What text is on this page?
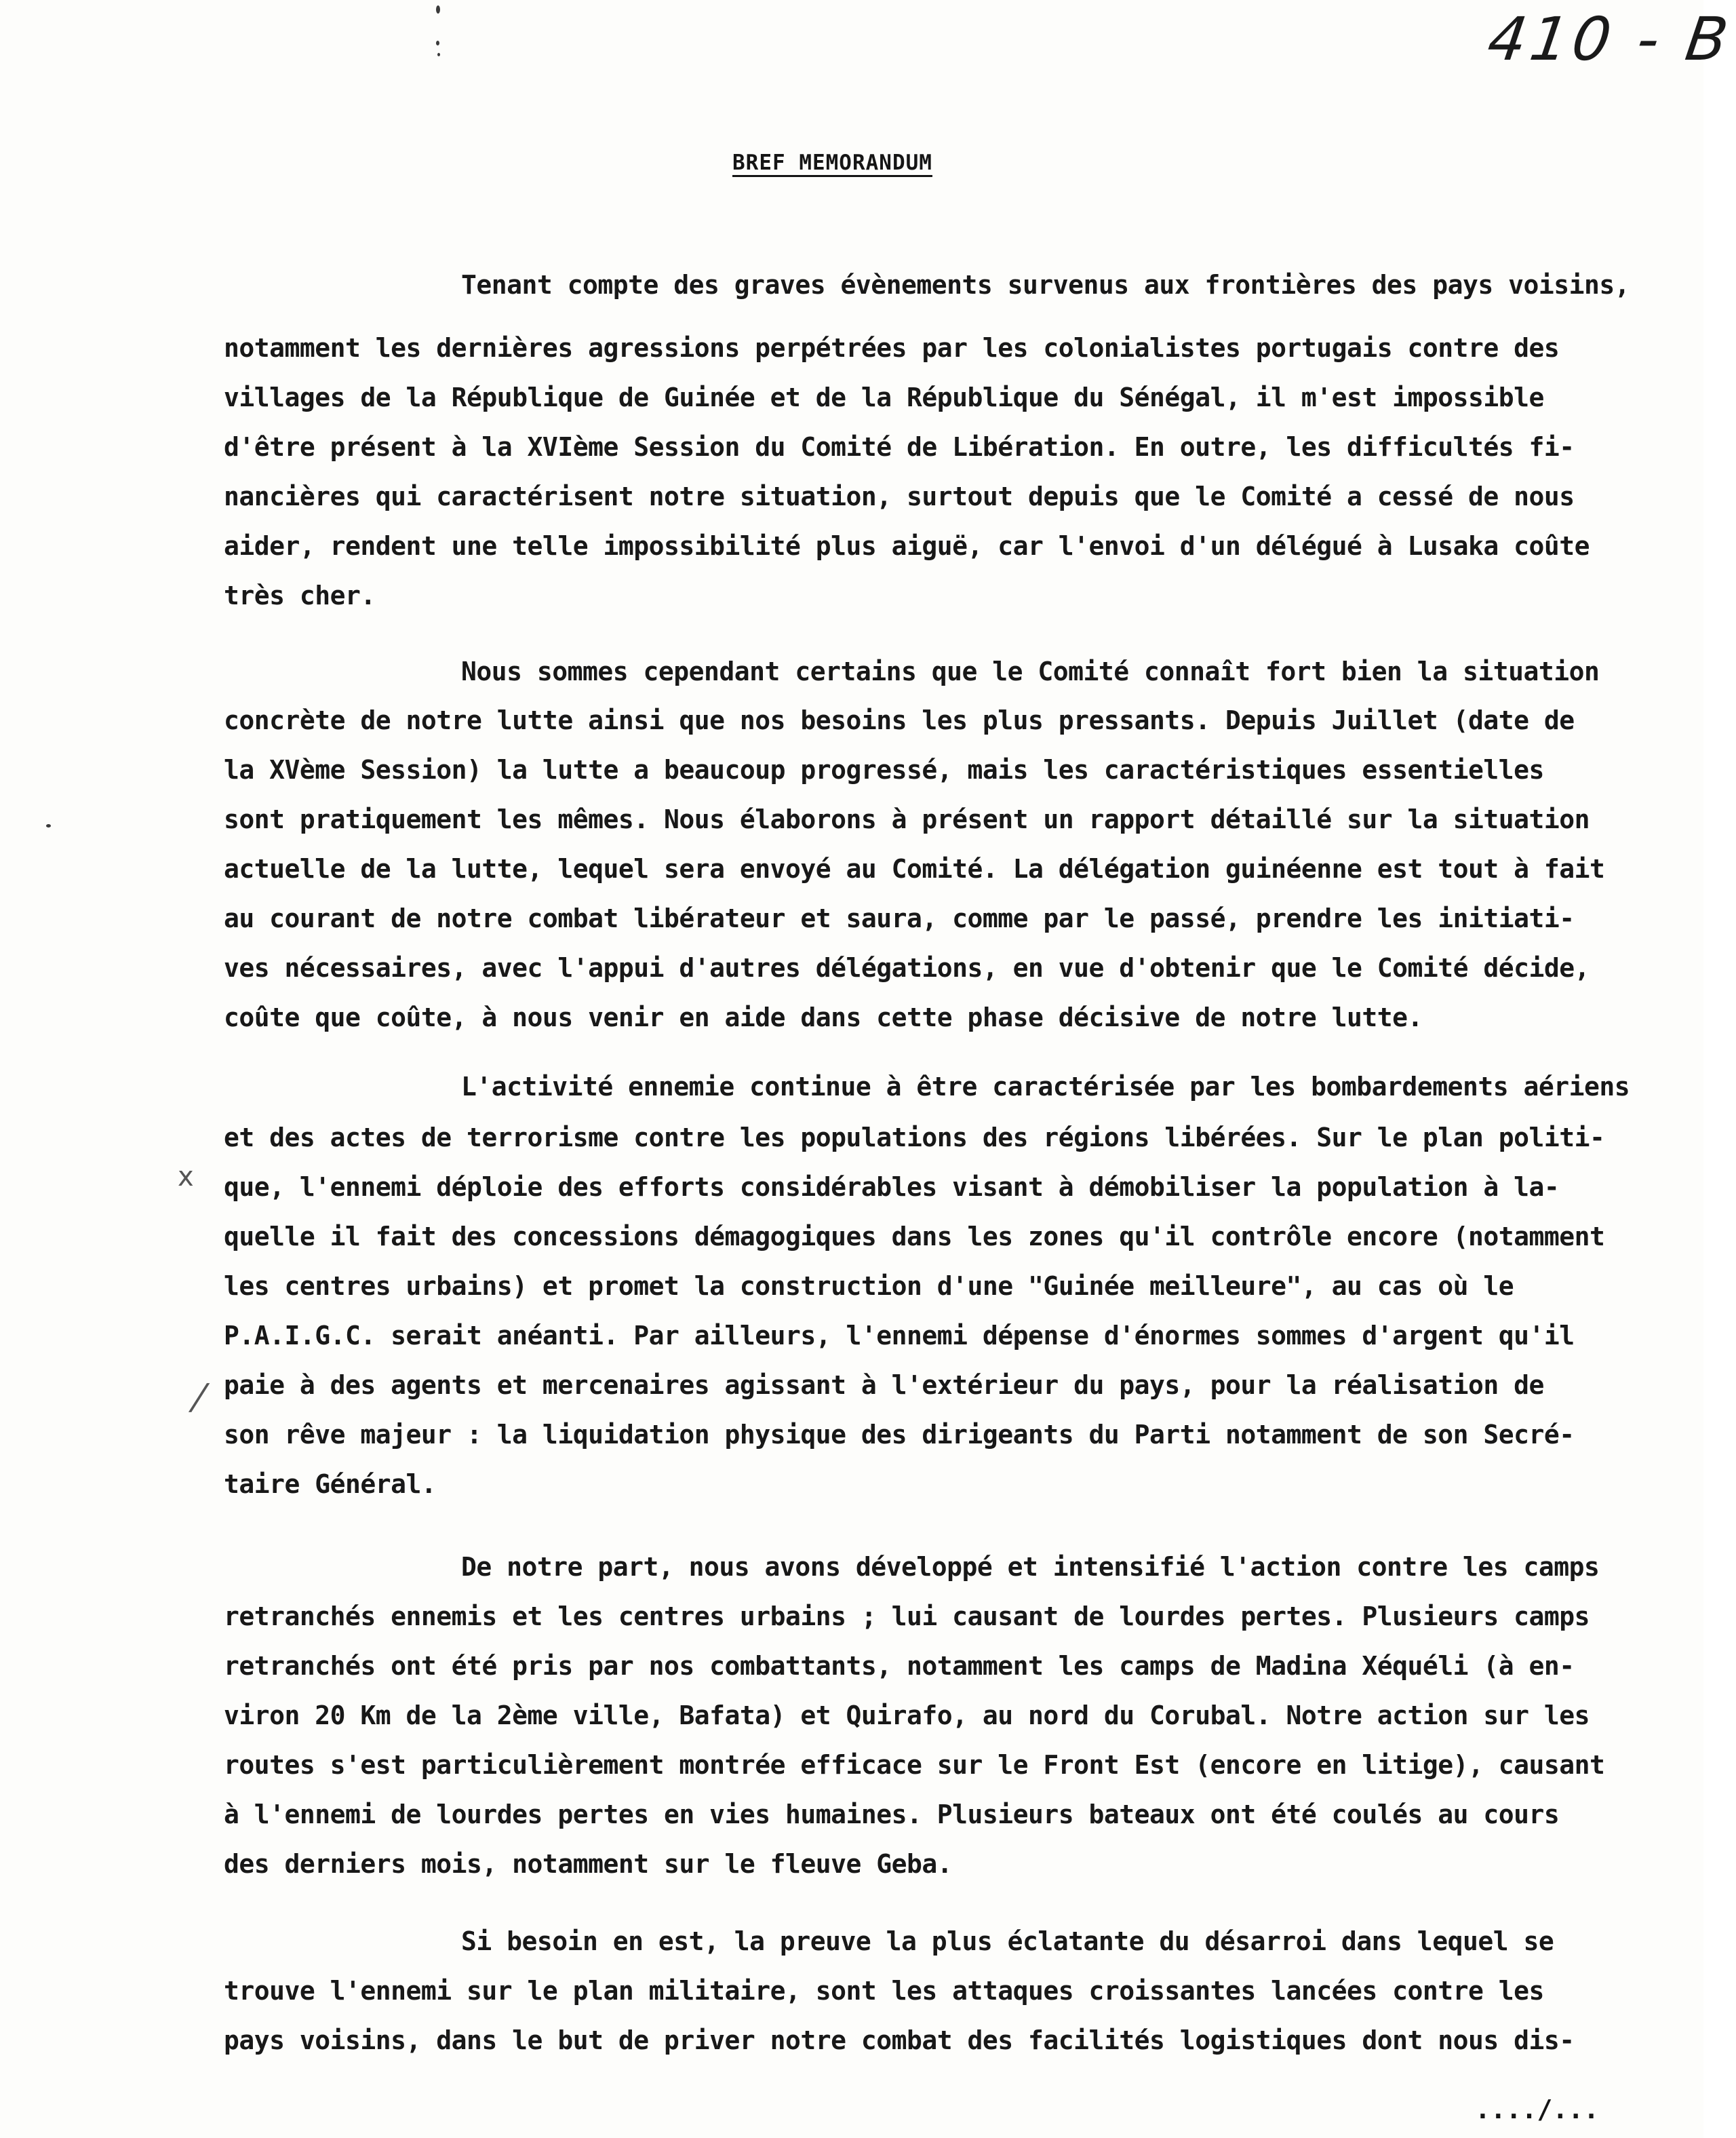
410 - B
BREF MEMORANDUM
Tenant compte des graves évènements survenus aux frontières des pays voisins,
notamment les dernières agressions perpétrées par les colonialistes portugais contre des
villages de la République de Guinée et de la République du Sénégal, il m'est impossible
d'être présent à la XVIème Session du Comité de Libération. En outre, les difficultés fi-
nancières qui caractérisent notre situation, surtout depuis que le Comité a cessé de nous
aider, rendent une telle impossibilité plus aiguë, car l'envoi d'un délégué à Lusaka coûte
très cher.
Nous sommes cependant certains que le Comité connaît fort bien la situation
concrète de notre lutte ainsi que nos besoins les plus pressants. Depuis Juillet (date de
la XVème Session) la lutte a beaucoup progressé, mais les caractéristiques essentielles
sont pratiquement les mêmes. Nous élaborons à présent un rapport détaillé sur la situation
actuelle de la lutte, lequel sera envoyé au Comité. La délégation guinéenne est tout à fait
au courant de notre combat libérateur et saura, comme par le passé, prendre les initiati-
ves nécessaires, avec l'appui d'autres délégations, en vue d'obtenir que le Comité décide,
coûte que coûte, à nous venir en aide dans cette phase décisive de notre lutte.
L'activité ennemie continue à être caractérisée par les bombardements aériens
et des actes de terrorisme contre les populations des régions libérées. Sur le plan politi-
que, l'ennemi déploie des efforts considérables visant à démobiliser la population à la-
quelle il fait des concessions démagogiques dans les zones qu'il contrôle encore (notamment
les centres urbains) et promet la construction d'une "Guinée meilleure", au cas où le
P.A.I.G.C. serait anéanti. Par ailleurs, l'ennemi dépense d'énormes sommes d'argent qu'il
paie à des agents et mercenaires agissant à l'extérieur du pays, pour la réalisation de
son rêve majeur : la liquidation physique des dirigeants du Parti notamment de son Secré-
taire Général.
De notre part, nous avons développé et intensifié l'action contre les camps
retranchés ennemis et les centres urbains ; lui causant de lourdes pertes. Plusieurs camps
retranchés ont été pris par nos combattants, notamment les camps de Madina Xéquéli (à en-
viron 20 Km de la 2ème ville, Bafata) et Quirafo, au nord du Corubal. Notre action sur les
routes s'est particulièrement montrée efficace sur le Front Est (encore en litige), causant
à l'ennemi de lourdes pertes en vies humaines. Plusieurs bateaux ont été coulés au cours
des derniers mois, notamment sur le fleuve Geba.
Si besoin en est, la preuve la plus éclatante du désarroi dans lequel se
trouve l'ennemi sur le plan militaire, sont les attaques croissantes lancées contre les
pays voisins, dans le but de priver notre combat des facilités logistiques dont nous dis-
x
/
..../...
